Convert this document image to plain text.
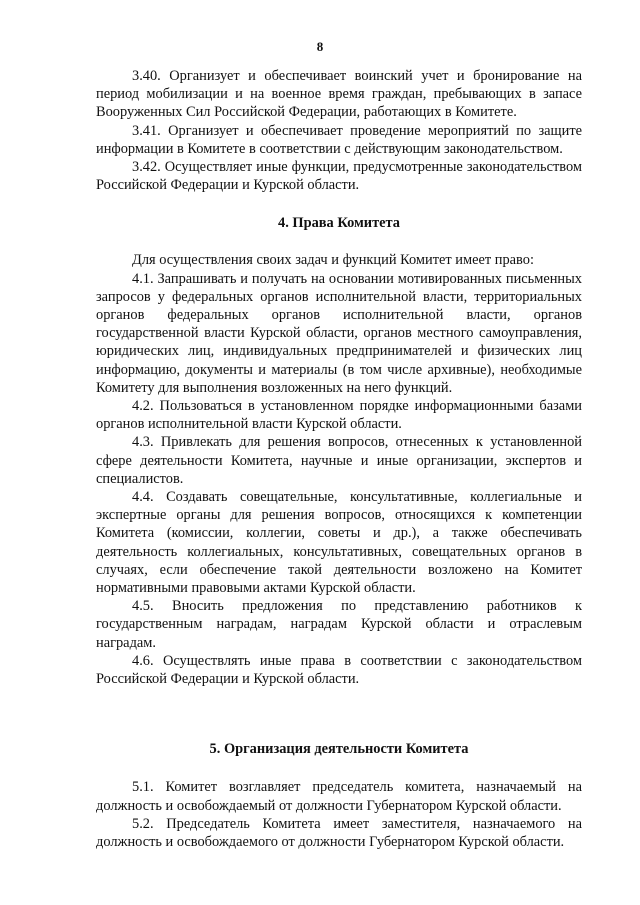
8

3.40. Организует и обеспечивает воинский учет и бронирование на период мобилизации и на военное время граждан, пребывающих в запасе Вооруженных Сил Российской Федерации, работающих в Комитете.

3.41. Организует и обеспечивает проведение мероприятий по защите информации в Комитете в соответствии с действующим законодательством.

3.42. Осуществляет иные функции, предусмотренные законодательством Российской Федерации и Курской области.

4. Права Комитета

Для осуществления своих задач и функций Комитет имеет право:

4.1. Запрашивать и получать на основании мотивированных письменных запросов у федеральных органов исполнительной власти, территориальных органов федеральных органов исполнительной власти, органов государственной власти Курской области, органов местного самоуправления, юридических лиц, индивидуальных предпринимателей и физических лиц информацию, документы и материалы (в том числе архивные), необходимые Комитету для выполнения возложенных на него функций.

4.2. Пользоваться в установленном порядке информационными базами органов исполнительной власти Курской области.

4.3. Привлекать для решения вопросов, отнесенных к установленной сфере деятельности Комитета, научные и иные организации, экспертов и специалистов.

4.4. Создавать совещательные, консультативные, коллегиальные и экспертные органы для решения вопросов, относящихся к компетенции Комитета (комиссии, коллегии, советы и др.), а также обеспечивать деятельность коллегиальных, консультативных, совещательных органов в случаях, если обеспечение такой деятельности возложено на Комитет нормативными правовыми актами Курской области.

4.5. Вносить предложения по представлению работников к государственным наградам, наградам Курской области и отраслевым наградам.

4.6. Осуществлять иные права в соответствии с законодательством Российской Федерации и Курской области.

5. Организация деятельности Комитета

5.1. Комитет возглавляет председатель комитета, назначаемый на должность и освобождаемый от должности Губернатором Курской области.

5.2. Председатель Комитета имеет заместителя, назначаемого на должность и освобождаемого от должности Губернатором Курской области.
